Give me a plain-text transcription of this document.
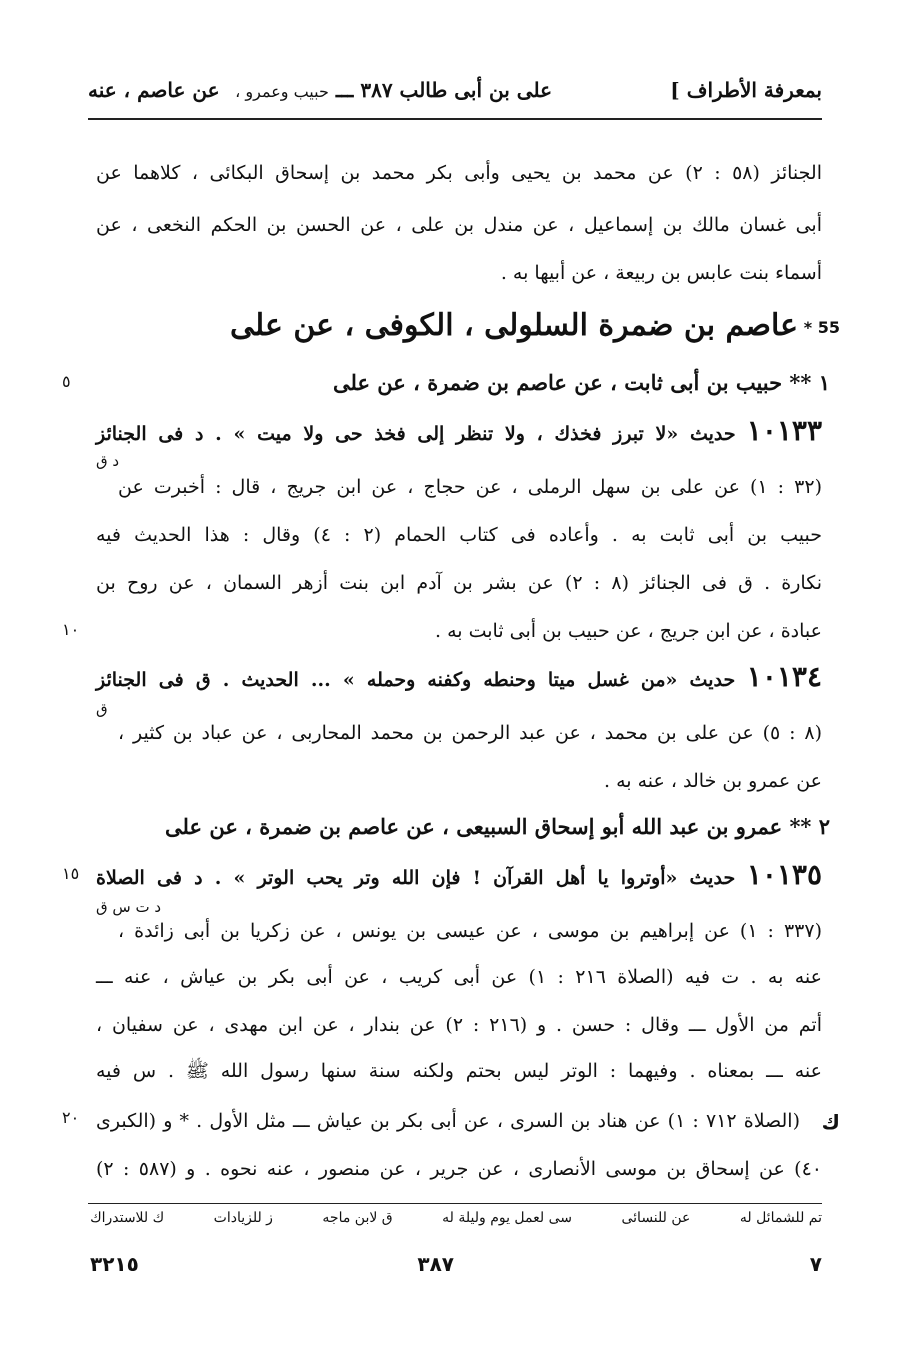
بمعرفة الأطراف ]
على بن أبى طالب ٣٨٧ ـــ حبيب وعمرو ،
عن عاصم ، عنه
الجنائز (٥٨ : ٢) عن محمد بن يحيى وأبى بكر محمد بن إسحاق البكائى ، كلاهما عن
أبى غسان مالك بن إسماعيل ، عن مندل بن على ، عن الحسن بن الحكم النخعى ، عن
أسماء بنت عابس بن ربيعة ، عن أبيها به .
عاصم بن ضمرة السلولى ، الكوفى ، عن على 55 *
١ ** حبيب بن أبى ثابت ، عن عاصم بن ضمرة ، عن على
٥
١٠١٣٣ حديث «لا تبرز فخذك ، ولا تنظر إلى فخذ حى ولا ميت » . د فى الجنائز
د ق
(٣٢ : ١) عن على بن سهل الرملى ، عن حجاج ، عن ابن جريج ، قال : أخبرت عن
حبيب بن أبى ثابت به . وأعاده فى كتاب الحمام (٢ : ٤) وقال : هذا الحديث فيه
نكارة . ق فى الجنائز (٨ : ٢) عن بشر بن آدم ابن بنت أزهر السمان ، عن روح بن
عبادة ، عن ابن جريج ، عن حبيب بن أبى ثابت به .
١٠
١٠١٣٤ حديث «من غسل ميتا وحنطه وكفنه وحمله » ... الحديث . ق فى الجنائز
ق
(٨ : ٥) عن على بن محمد ، عن عبد الرحمن بن محمد المحاربى ، عن عباد بن كثير ،
عن عمرو بن خالد ، عنه به .
٢ ** عمرو بن عبد الله أبو إسحاق السبيعى ، عن عاصم بن ضمرة ، عن على
١٠١٣٥ حديث «أوتروا يا أهل القرآن ! فإن الله وتر يحب الوتر » . د فى الصلاة
١٥
د ت س ق
(٣٣٧ : ١) عن إبراهيم بن موسى ، عن عيسى بن يونس ، عن زكريا بن أبى زائدة ،
عنه به . ت فيه (الصلاة ٢١٦ : ١) عن أبى كريب ، عن أبى بكر بن عياش ، عنه ـــ
أتم من الأول ـــ وقال : حسن . و (٢١٦ : ٢) عن بندار ، عن ابن مهدى ، عن سفيان ،
عنه ـــ بمعناه . وفيهما : الوتر ليس بحتم ولكنه سنة سنها رسول الله ﷺ . س فيه
(الصلاة ٧١٢ : ١) عن هناد بن السرى ، عن أبى بكر بن عياش ـــ مثل الأول . * و (الكبرى ك
٢٠
٤٠) عن إسحاق بن موسى الأنصارى ، عن جرير ، عن منصور ، عنه نحوه . و (٥٨٧ : ٢)
تم للشمائل له
عن للنسائى
سى لعمل يوم وليلة له
ق لابن ماجه
ز للزيادات
ك للاستدراك
٧
٣٨٧
٣٢١٥
